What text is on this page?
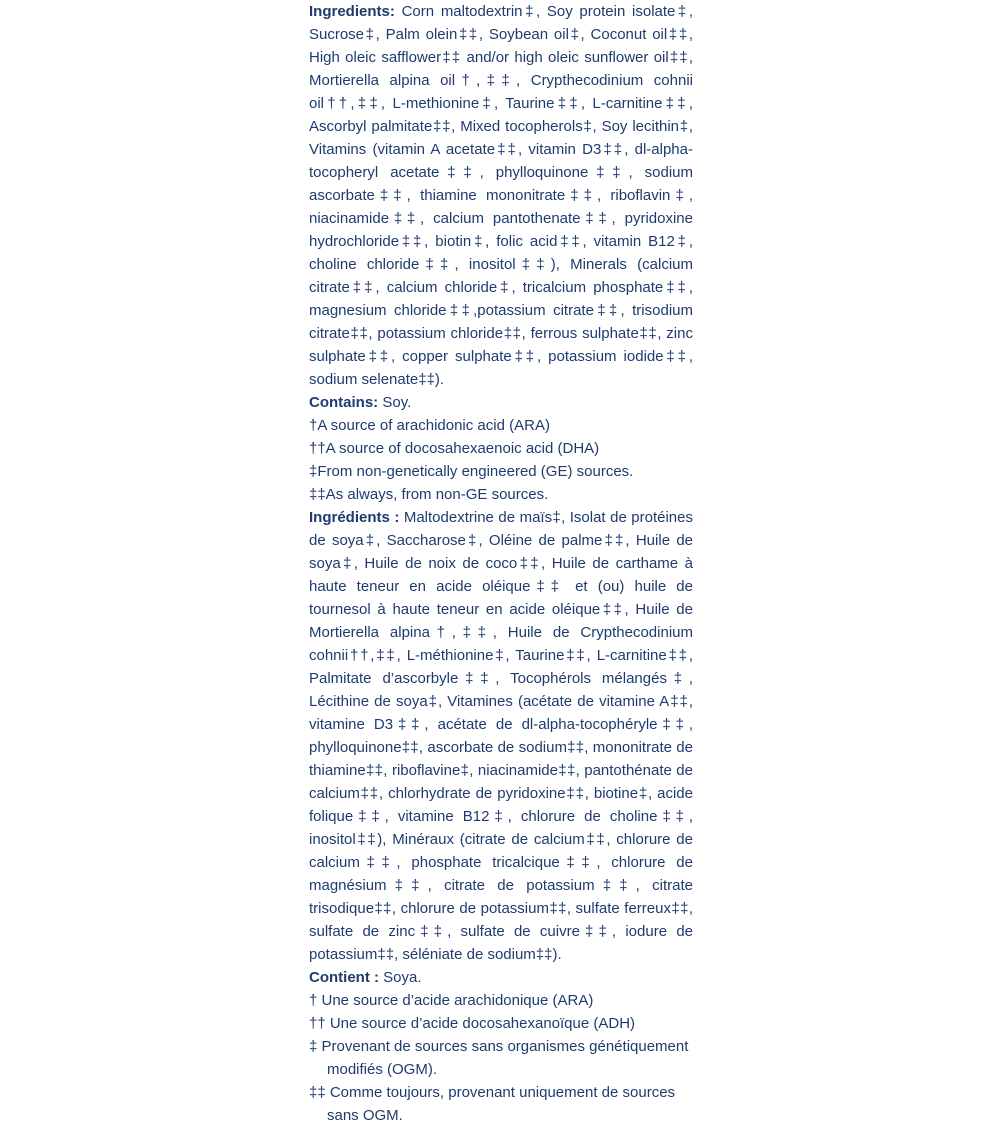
Ingredients: Corn maltodextrin‡, Soy protein isolate‡, Sucrose‡, Palm olein‡‡, Soybean oil‡, Coconut oil‡‡, High oleic safflower‡‡ and/or high oleic sunflower oil‡‡, Mortierella alpina oil†,‡‡, Crypthecodinium cohnii oil††,‡‡, L-methionine‡, Taurine‡‡, L-carnitine‡‡, Ascorbyl palmitate‡‡, Mixed tocopherols‡, Soy lecithin‡, Vitamins (vitamin A acetate‡‡, vitamin D3‡‡, dl-alpha-tocopheryl acetate‡‡, phylloquinone‡‡, sodium ascorbate‡‡, thiamine mononitrate‡‡, riboflavin‡, niacinamide‡‡, calcium pantothenate‡‡, pyridoxine hydrochloride‡‡, biotin‡, folic acid‡‡, vitamin B12‡, choline chloride‡‡, inositol‡‡), Minerals (calcium citrate‡‡, calcium chloride‡, tricalcium phosphate‡‡, magnesium chloride‡‡,potassium citrate‡‡, trisodium citrate‡‡, potassium chloride‡‡, ferrous sulphate‡‡, zinc sulphate‡‡, copper sulphate‡‡, potassium iodide‡‡, sodium selenate‡‡).

Contains: Soy.

†A source of arachidonic acid (ARA)

††A source of docosahexaenoic acid (DHA)

‡From non-genetically engineered (GE) sources.

‡‡As always, from non-GE sources.

Ingrédients : Maltodextrine de maïs‡, Isolat de protéines de soya‡, Saccharose‡, Oléine de palme‡‡, Huile de soya‡, Huile de noix de coco‡‡, Huile de carthame à haute teneur en acide oléique‡‡ et (ou) huile de tournesol à haute teneur en acide oléique‡‡, Huile de Mortierella alpina†,‡‡, Huile de Crypthecodinium cohnii††,‡‡, L-méthionine‡, Taurine‡‡, L-carnitine‡‡, Palmitate d’ascorbyle‡‡, Tocophérols mélangés‡, Lécithine de soya‡, Vitamines (acétate de vitamine A‡‡, vitamine D3‡‡, acétate de dl-alpha-tocophéryle‡‡, phylloquinone‡‡, ascorbate de sodium‡‡, mononitrate de thiamine‡‡, riboflavine‡, niacinamide‡‡, pantothénate de calcium‡‡, chlorhydrate de pyridoxine‡‡, biotine‡, acide folique‡‡, vitamine B12‡, chlorure de choline‡‡, inositol‡‡), Minéraux (citrate de calcium‡‡, chlorure de calcium‡‡, phosphate tricalcique‡‡, chlorure de magnésium‡‡, citrate de potassium‡‡, citrate trisodique‡‡, chlorure de potassium‡‡, sulfate ferreux‡‡, sulfate de zinc‡‡, sulfate de cuivre‡‡, iodure de potassium‡‡, séléniate de sodium‡‡).

Contient : Soya.

† Une source d’acide arachidonique (ARA)

†† Une source d’acide docosahexanoïque (ADH)

‡ Provenant de sources sans organismes génétiquement modifiés (OGM).

‡‡ Comme toujours, provenant uniquement de sources sans OGM.
